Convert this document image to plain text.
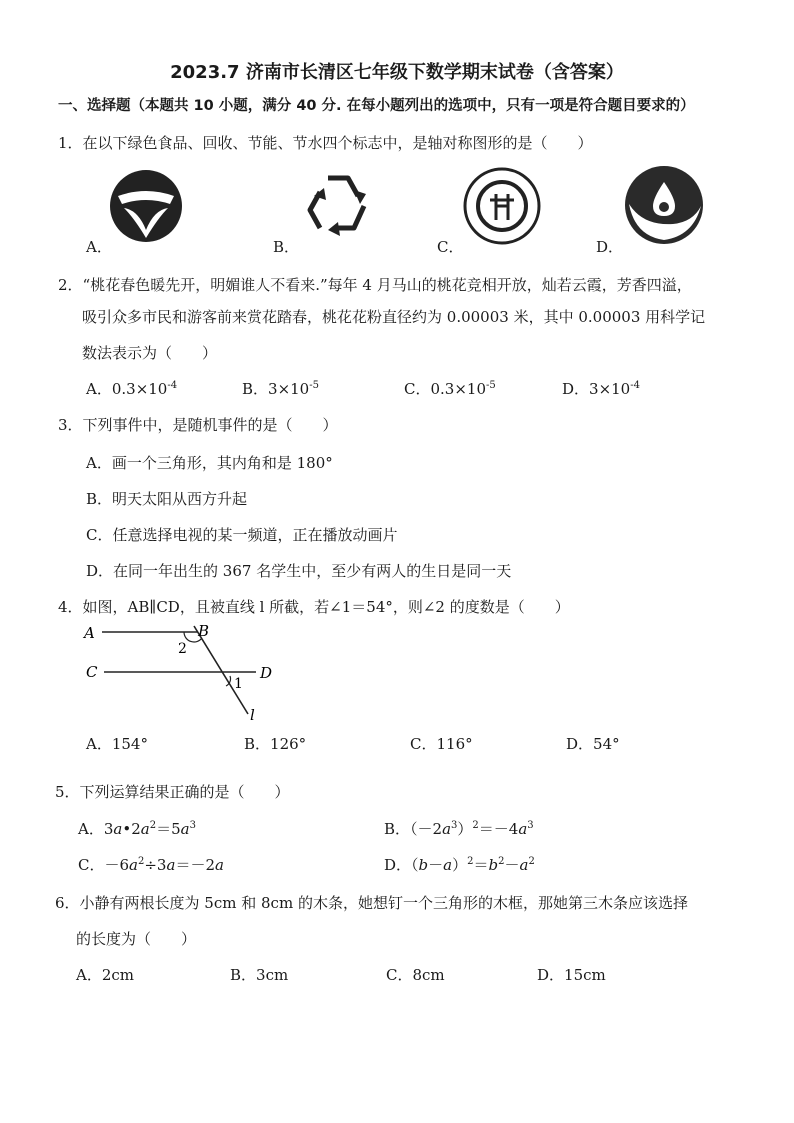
2023.7 济南市长清区七年级下数学期末试卷（含答案）
一、选择题（本题共 10 小题，满分 40 分. 在每小题列出的选项中，只有一项是符合题目要求的）
1．在以下绿色食品、回收、节能、节水四个标志中，是轴对称图形的是（　　）
A．	B．	C．	D．
2．“桃花春色暖先开，明媚谁人不看来.”每年 4 月马山的桃花竞相开放，灿若云霞，芳香四溢，
吸引众多市民和游客前来赏花踏春，桃花花粉直径约为 0.00003 米，其中 0.00003 用科学记
数法表示为（　　）
A．$0.3\times 10^{-4}$	B．$3\times 10^{-5}$	C．$0.3\times 10^{-5}$	D．$3\times 10^{-4}$
3．下列事件中，是随机事件的是（　　）
A．画一个三角形，其内角和是 180°
B．明天太阳从西方升起
C．任意选择电视的某一频道，正在播放动画片
D．在同一年出生的 367 名学生中，至少有两人的生日是同一天
4．如图，AB∥CD，且被直线 l 所截，若∠1＝54°，则∠2 的度数是（　　）
A	B
C	D
l
1
2
A．154°	B．126°	C．116°	D．54°
5．下列运算结果正确的是（　　）
A．$3a•2a^2=5a^3$	B．$(-2a^3)^2=-4a^3$
C．$-6a^2\div 3a=-2a$	D．$(b-a)^2=b^2-a^2$
6．小静有两根长度为 5cm 和 8cm 的木条，她想钉一个三角形的木框，那她第三木条应该选择
的长度为（　　）
A．2cm	B．3cm	C．8cm	D．15cm
